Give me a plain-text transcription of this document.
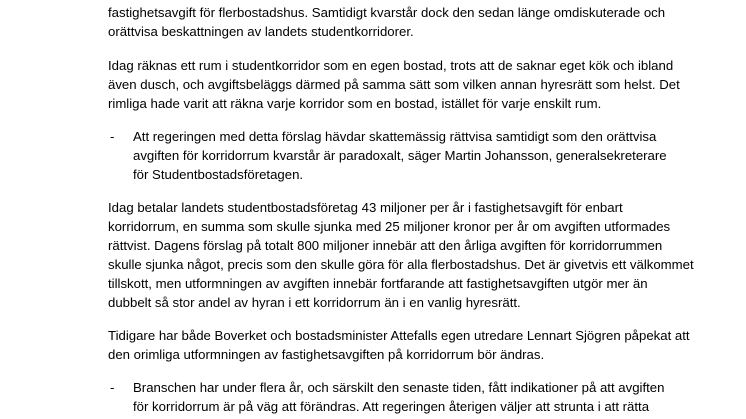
fastighetsavgift för flerbostadshus. Samtidigt kvarstår dock den sedan länge omdiskuterade och
orättvisa beskattningen av landets studentkorridorer.
Idag räknas ett rum i studentkorridor som en egen bostad, trots att de saknar eget kök och ibland
även dusch, och avgiftsbeläggs därmed på samma sätt som vilken annan hyresrätt som helst. Det
rimliga hade varit att räkna varje korridor som en bostad, istället för varje enskilt rum.
- Att regeringen med detta förslag hävdar skattemässig rättvisa samtidigt som den orättvisa
avgiften för korridorrum kvarstår är paradoxalt, säger Martin Johansson, generalsekreterare
för Studentbostadsföretagen.
Idag betalar landets studentbostadsföretag 43 miljoner per år i fastighetsavgift för enbart
korridorrum, en summa som skulle sjunka med 25 miljoner kronor per år om avgiften utformades
rättvist. Dagens förslag på totalt 800 miljoner innebär att den årliga avgiften för korridorrummen
skulle sjunka något, precis som den skulle göra för alla flerbostadshus. Det är givetvis ett välkommet
tillskott, men utformningen av avgiften innebär fortfarande att fastighetsavgiften utgör mer än
dubbelt så stor andel av hyran i ett korridorrum än i en vanlig hyresrätt.
Tidigare har både Boverket och bostadsminister Attefalls egen utredare Lennart Sjögren påpekat att
den orimliga utformningen av fastighetsavgiften på korridorrum bör ändras.
- Branschen har under flera år, och särskilt den senaste tiden, fått indikationer på att avgiften
för korridorrum är på väg att förändras. Att regeringen återigen väljer att strunta i att rätta
